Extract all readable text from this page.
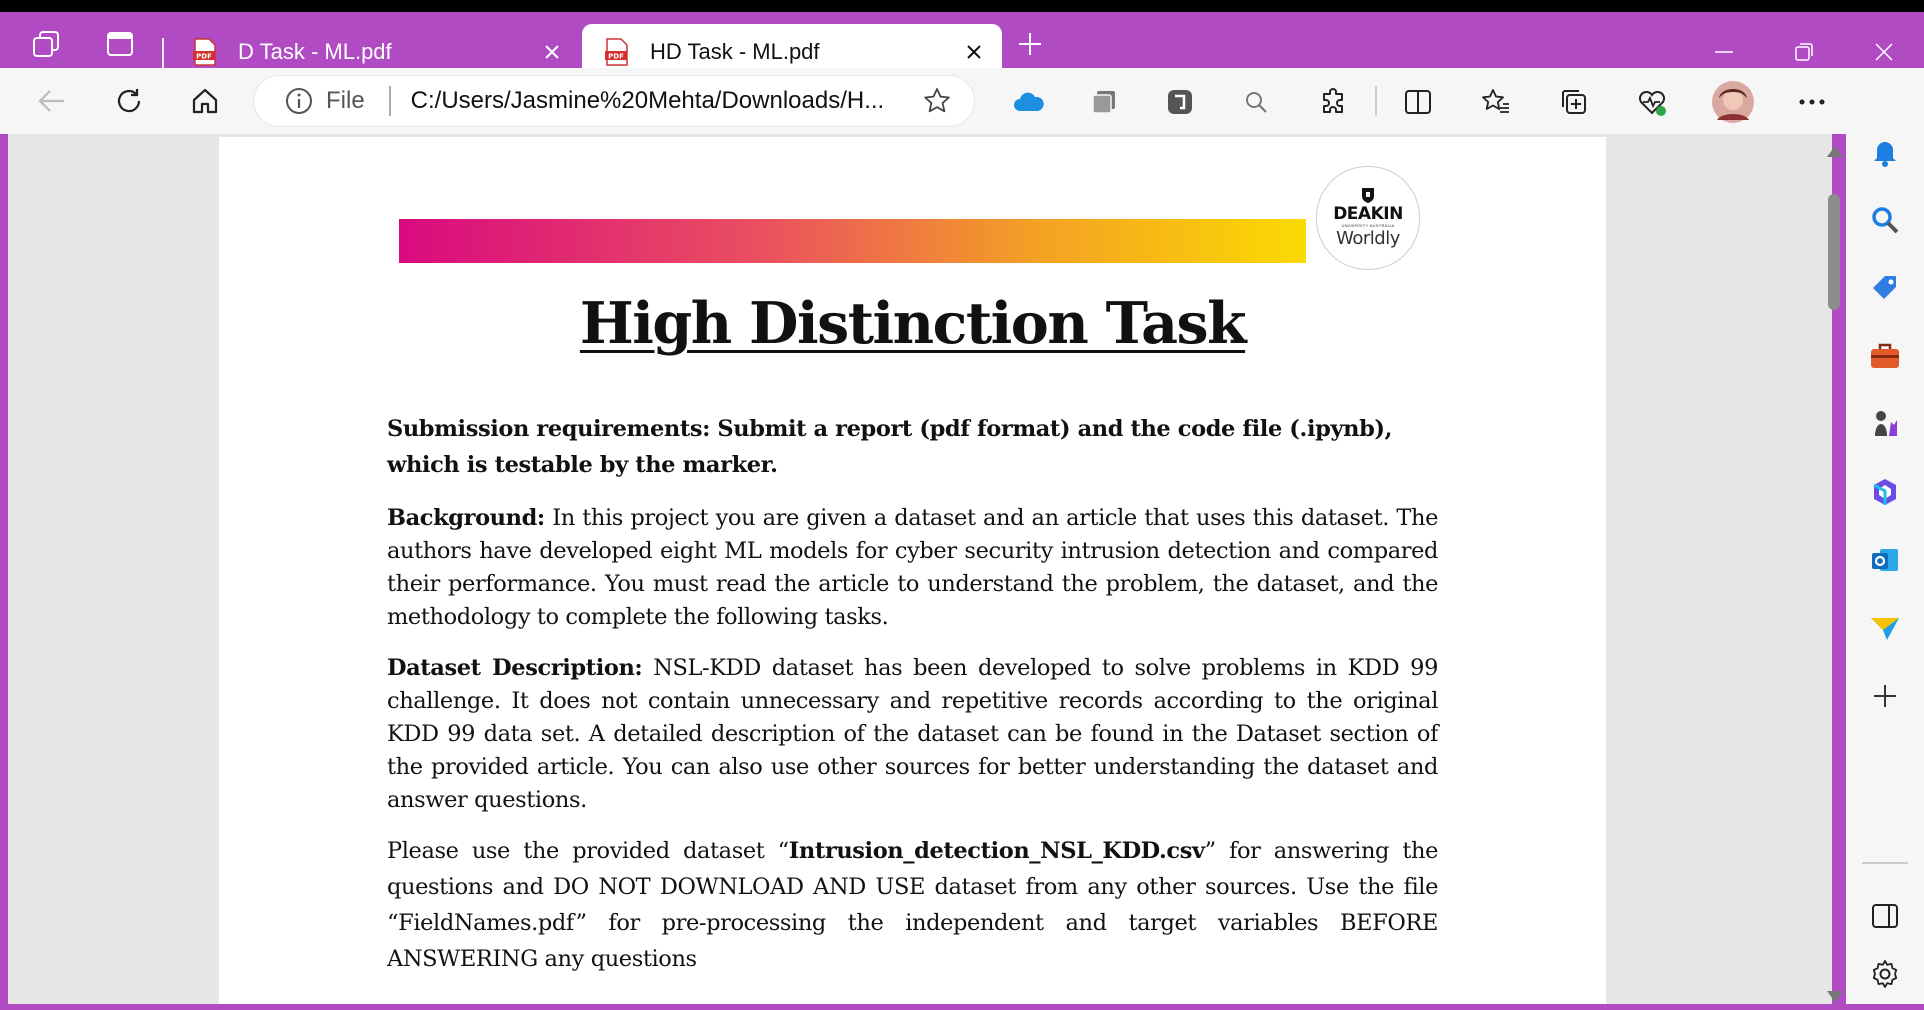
PDF D Task - ML.pdf	PDF HD Task - ML.pdf
File C:/Users/Jasmine%20Mehta/Downloads/H...
DEAKIN
UNIVERSITY AUSTRALIA
Worldly
High Distinction Task
Submission requirements: Submit a report (pdf format) and the code file (.ipynb), which is testable by the marker.
Background: In this project you are given a dataset and an article that uses this dataset. The authors have developed eight ML models for cyber security intrusion detection and compared their performance. You must read the article to understand the problem, the dataset, and the methodology to complete the following tasks.
Dataset Description: NSL-KDD dataset has been developed to solve problems in KDD 99 challenge. It does not contain unnecessary and repetitive records according to the original KDD 99 data set. A detailed description of the dataset can be found in the Dataset section of the provided article. You can also use other sources for better understanding the dataset and answer questions.
Please use the provided dataset “Intrusion_detection_NSL_KDD.csv” for answering the questions and DO NOT DOWNLOAD AND USE dataset from any other sources. Use the file “FieldNames.pdf” for pre-processing the independent and target variables BEFORE ANSWERING any questions
